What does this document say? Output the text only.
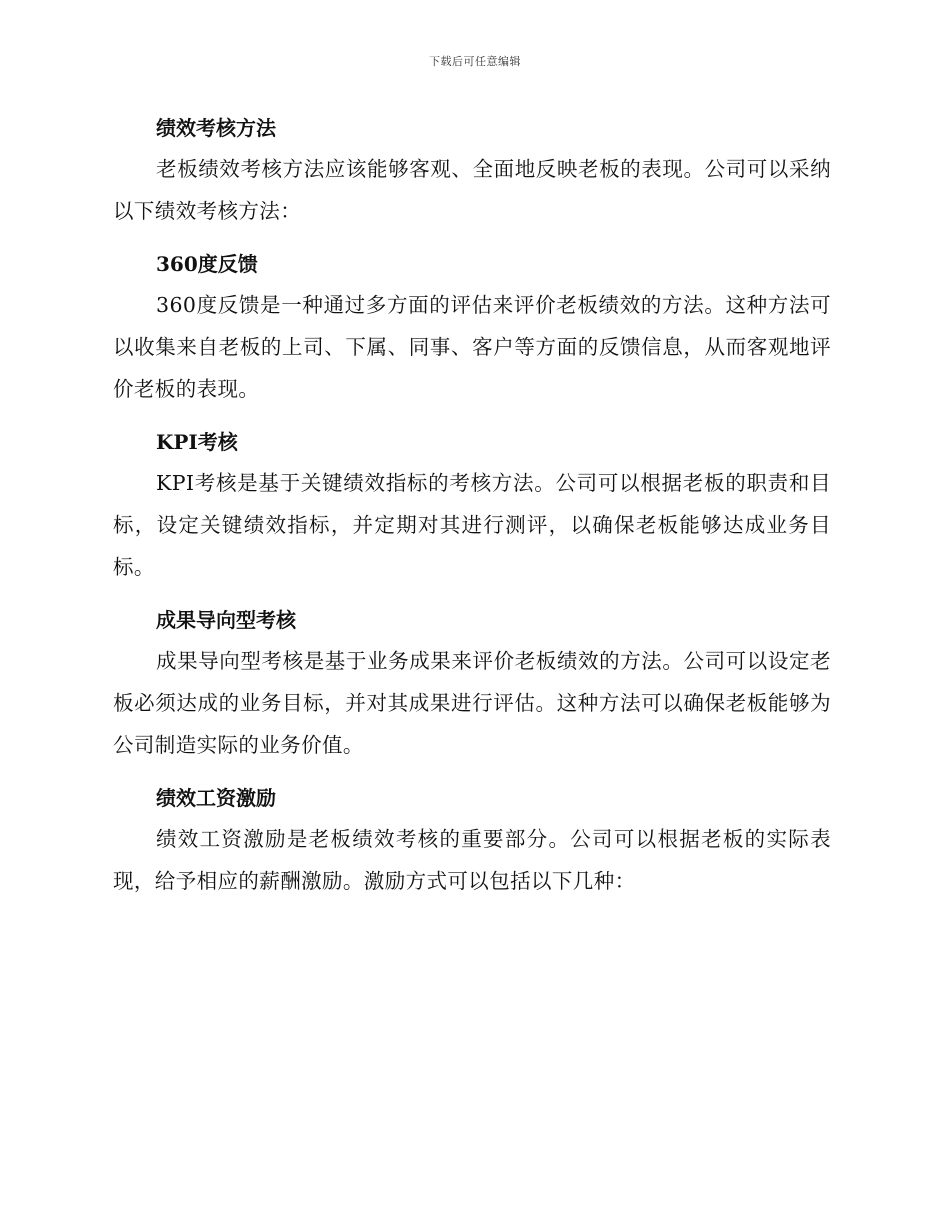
下载后可任意编辑
绩效考核方法

老板绩效考核方法应该能够客观、全面地反映老板的表现。公司可以采纳以下绩效考核方法：

360度反馈

360度反馈是一种通过多方面的评估来评价老板绩效的方法。这种方法可以收集来自老板的上司、下属、同事、客户等方面的反馈信息，从而客观地评价老板的表现。

KPI考核

KPI考核是基于关键绩效指标的考核方法。公司可以根据老板的职责和目标，设定关键绩效指标，并定期对其进行测评，以确保老板能够达成业务目标。

成果导向型考核

成果导向型考核是基于业务成果来评价老板绩效的方法。公司可以设定老板必须达成的业务目标，并对其成果进行评估。这种方法可以确保老板能够为公司制造实际的业务价值。

绩效工资激励

绩效工资激励是老板绩效考核的重要部分。公司可以根据老板的实际表现，给予相应的薪酬激励。激励方式可以包括以下几种：
